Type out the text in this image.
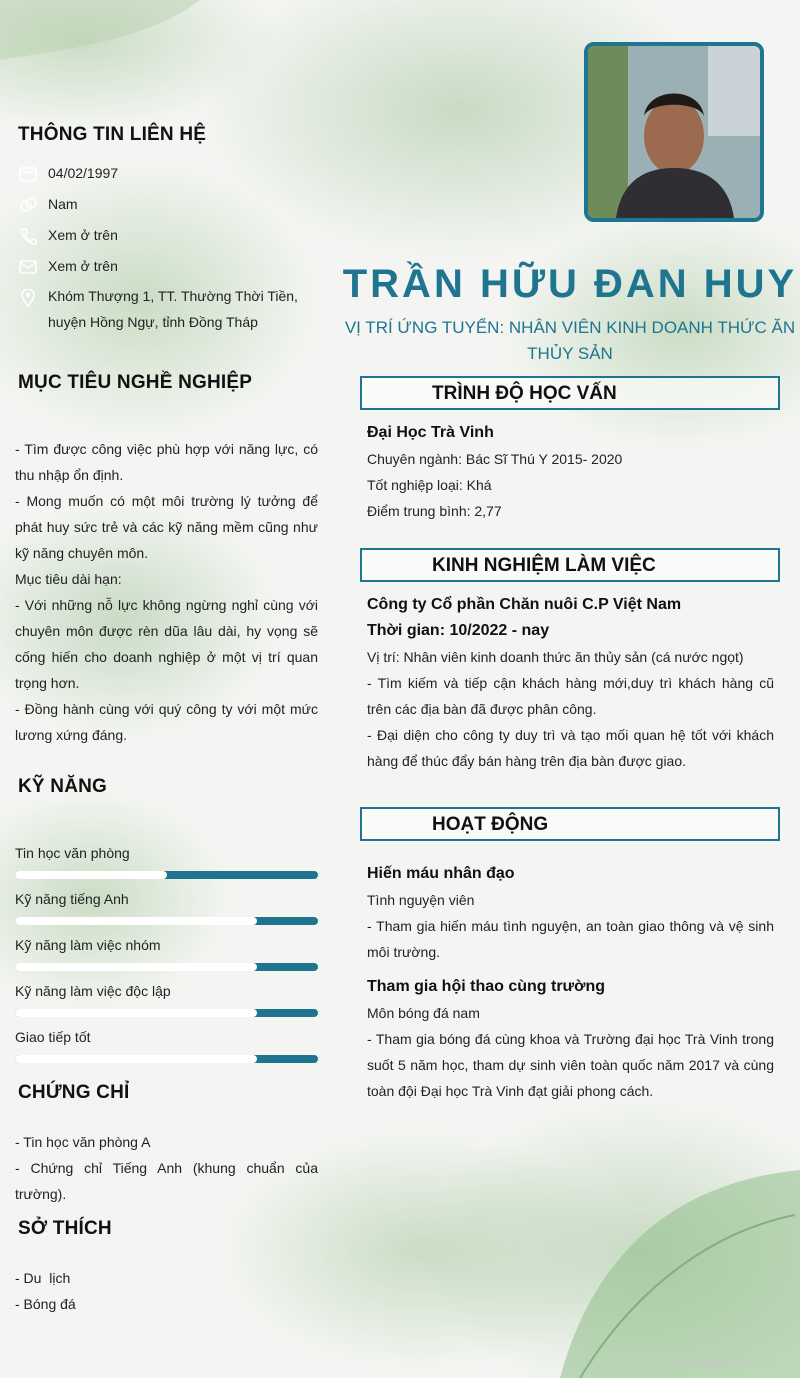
TRẦN HỮU ĐAN HUY
VỊ TRÍ ỨNG TUYỂN: NHÂN VIÊN KINH DOANH THỨC ĂN THỦY SẢN
THÔNG TIN LIÊN HỆ
04/02/1997
Nam
Xem ở trên
Xem ở trên
Khóm Thượng 1, TT. Thường Thời Tiền,
huyện Hồng Ngự, tỉnh Đồng Tháp
MỤC TIÊU NGHỀ NGHIỆP
- Tìm được công việc phù hợp với năng lực, có thu nhập ổn định.
- Mong muốn có một môi trường lý tưởng để phát huy sức trẻ và các kỹ năng mềm cũng như kỹ năng chuyên môn.
Mục tiêu dài hạn:
- Với những nỗ lực không ngừng nghỉ cùng với chuyên môn được rèn dũa lâu dài, hy vọng sẽ cống hiến cho doanh nghiệp ở một vị trí quan trọng hơn.
- Đồng hành cùng với quý công ty với một mức lương xứng đáng.
KỸ NĂNG
Tin học văn phòng
Kỹ năng tiếng Anh
Kỹ năng làm việc nhóm
Kỹ năng làm việc độc lập
Giao tiếp tốt
CHỨNG CHỈ
- Tin học văn phòng A
- Chứng chỉ Tiếng Anh (khung chuẩn của trường).
SỞ THÍCH
- Du  lịch
- Bóng đá
TRÌNH ĐỘ HỌC VẤN
Đại Học Trà Vinh
Chuyên ngành: Bác Sĩ Thú Y 2015- 2020
Tốt nghiệp loại: Khá
Điểm trung bình: 2,77
KINH NGHIỆM LÀM VIỆC
Công ty Cổ phần Chăn nuôi C.P Việt Nam
Thời gian: 10/2022 - nay
Vị trí: Nhân viên kinh doanh thức ăn thủy sản (cá nước ngọt)
- Tìm kiếm và tiếp cận khách hàng mới,duy trì khách hàng cũ trên các địa bàn đã được phân công.
- Đại diện cho công ty duy trì và tạo mối quan hệ tốt với khách hàng để thúc đẩy bán hàng trên địa bàn được giao.
HOẠT ĐỘNG
Hiến máu nhân đạo
Tình nguyện viên
- Tham gia hiến máu tình nguyện, an toàn giao thông và vệ sinh môi trường.
Tham gia hội thao cùng trường
Môn bóng đá nam
- Tham gia bóng đá cùng khoa và Trường đại học Trà Vinh trong suốt 5 năm học, tham dự sinh viên toàn quốc năm 2017 và cùng toàn đội Đại học Trà Vinh đạt giải phong cách.
© Timviec365.vn
